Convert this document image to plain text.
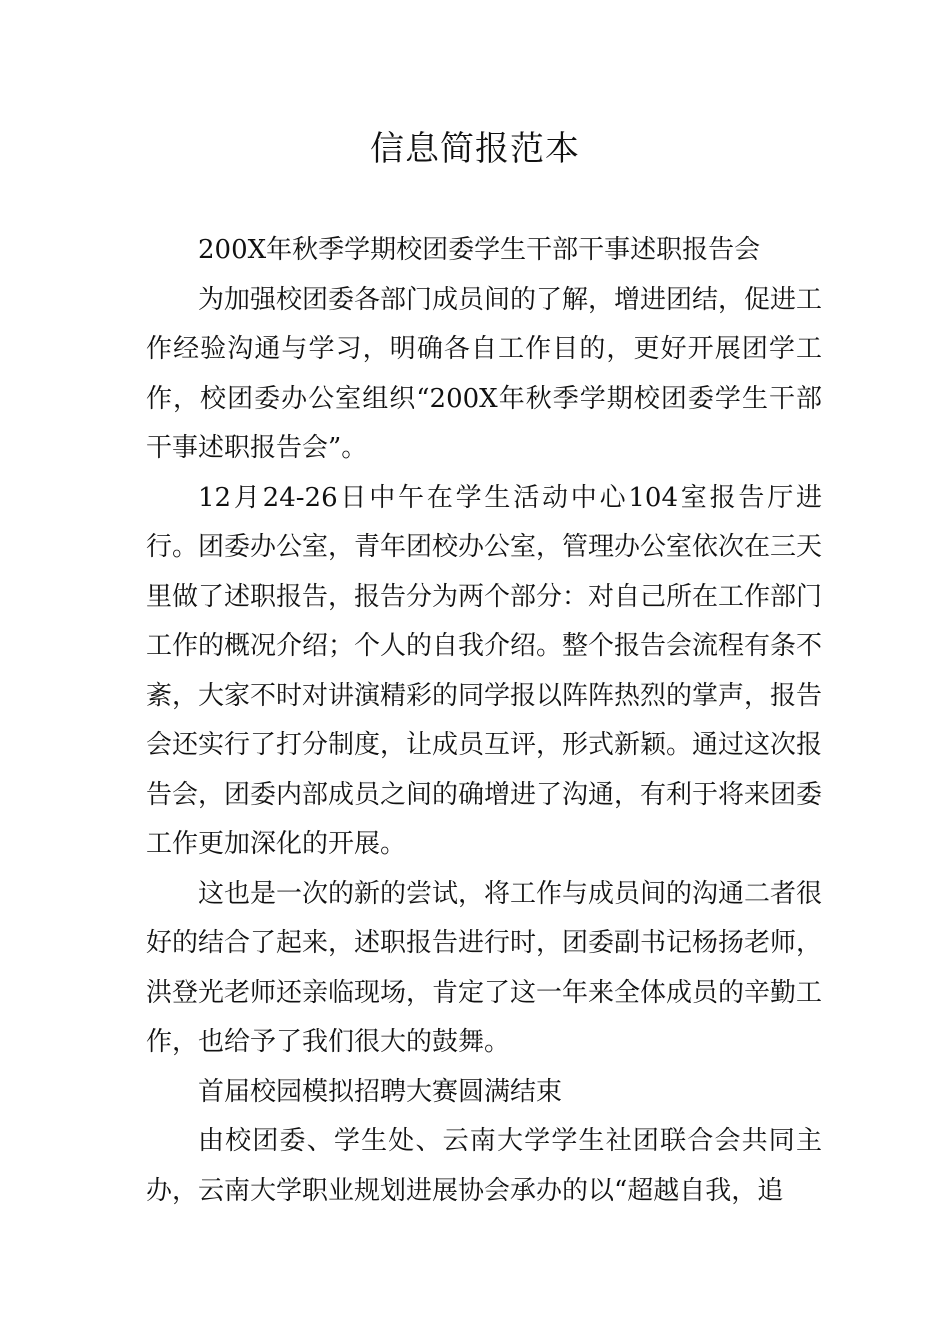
信息简报范本

200X年秋季学期校团委学生干部干事述职报告会

为加强校团委各部门成员间的了解，增进团结，促进工作经验沟通与学习，明确各自工作目的，更好开展团学工作，校团委办公室组织“200X年秋季学期校团委学生干部干事述职报告会”。

12月24-26日中午在学生活动中心104室报告厅进行。团委办公室，青年团校办公室，管理办公室依次在三天里做了述职报告，报告分为两个部分：对自己所在工作部门工作的概况介绍；个人的自我介绍。整个报告会流程有条不紊，大家不时对讲演精彩的同学报以阵阵热烈的掌声，报告会还实行了打分制度，让成员互评，形式新颖。通过这次报告会，团委内部成员之间的确增进了沟通，有利于将来团委工作更加深化的开展。

这也是一次的新的尝试，将工作与成员间的沟通二者很好的结合了起来，述职报告进行时，团委副书记杨扬老师，洪登光老师还亲临现场，肯定了这一年来全体成员的辛勤工作，也给予了我们很大的鼓舞。

首届校园模拟招聘大赛圆满结束

由校团委、学生处、云南大学学生社团联合会共同主办，云南大学职业规划进展协会承办的以“超越自我，追
